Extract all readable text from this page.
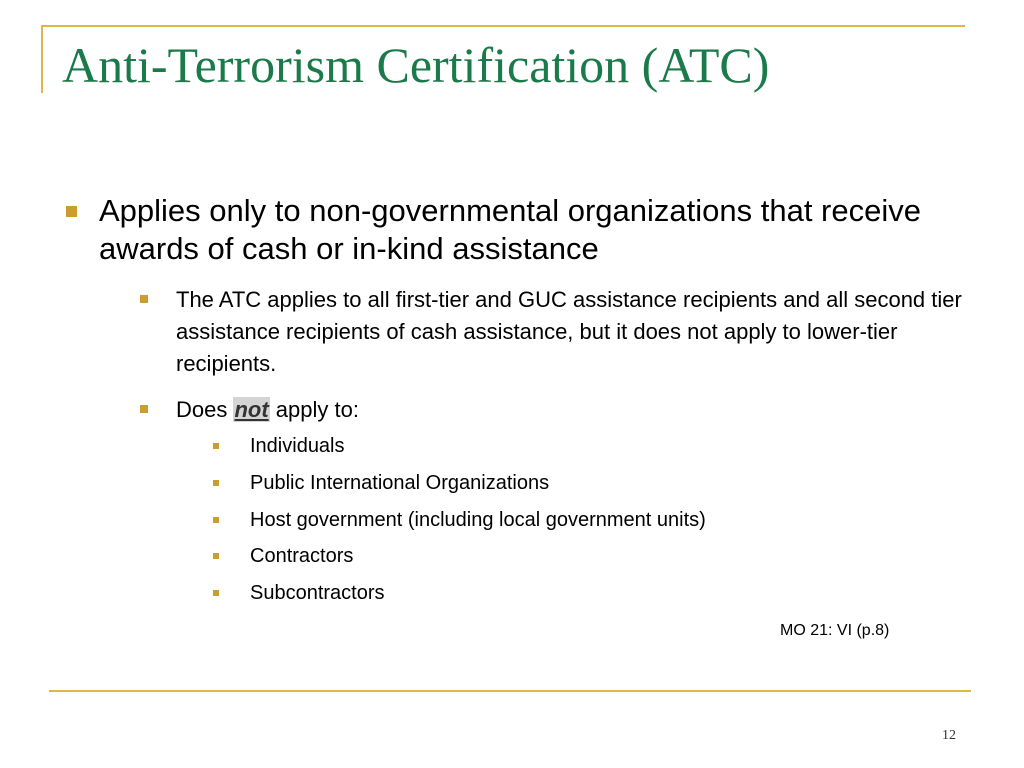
Anti-Terrorism Certification (ATC)
Applies only to non-governmental organizations that receive awards of cash or in-kind assistance
The ATC applies to all first-tier and GUC assistance recipients and all second tier assistance recipients of cash assistance, but it does not apply to lower-tier recipients.
Does not apply to:
Individuals
Public International Organizations
Host government (including local government units)
Contractors
Subcontractors
MO 21: VI (p.8)
12
